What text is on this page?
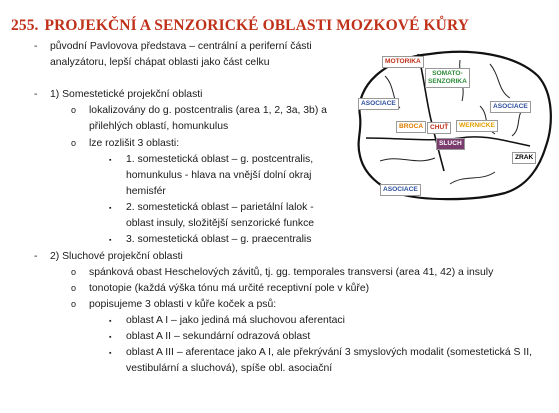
255. PROJEKČNÍ A SENZORICKÉ OBLASTI MOZKOVÉ KŮRY
- původní Pavlovova představa – centrální a periferní části
analyzátoru, lepší chápat oblasti jako část celku
- 1) Somestetické projekční oblasti
o lokalizovány do g. postcentralis (area 1, 2, 3a, 3b) a
přilehlých oblastí, homunkulus
o lze rozlišit 3 oblasti:
▪ 1. somestetická oblast – g. postcentralis,
homunkulus - hlava na vnější dolní okraj
hemisfér
▪ 2. somestetická oblast – parietální lalok -
oblast insuly, složitější senzorické funkce
▪ 3. somestetická oblast – g. praecentralis
- 2) Sluchové projekční oblasti
o spánková obast Heschelových závitů, tj. gg. temporales transversi (area 41, 42) a insuly
o tonotopie (každá výška tónu má určité receptivní pole v kůře)
o popisujeme 3 oblasti v kůře koček a psů:
▪ oblast A I – jako jediná má sluchovou aferentaci
▪ oblast A II – sekundární odrazová oblast
▪ oblast A III – aferentace jako A I, ale překrývání 3 smyslových modalit (somestetická S II,
vestibulární a sluchová), spíše obl. asociační
MOTORIKA
SOMATO-
SENZORIKA
ASOCIACE	ASOCIACE
BROCA	CHUŤ	WERNICKE
SLUCH
ZRAK
ASOCIACE
